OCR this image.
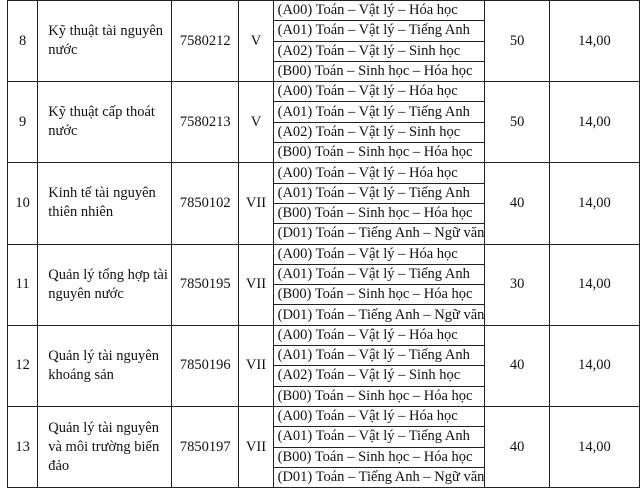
8	Kỹ thuật tài nguyên nước	7580212	V	(A00) Toán – Vật lý – Hóa học	50	14,00
				(A01) Toán – Vật lý – Tiếng Anh		
				(A02) Toán – Vật lý – Sinh học		
				(B00) Toán – Sinh học – Hóa học		
9	Kỹ thuật cấp thoát nước	7580213	V	(A00) Toán – Vật lý – Hóa học	50	14,00
				(A01) Toán – Vật lý – Tiếng Anh		
				(A02) Toán – Vật lý – Sinh học		
				(B00) Toán – Sinh học – Hóa học		
10	Kinh tế tài nguyên thiên nhiên	7850102	VII	(A00) Toán – Vật lý – Hóa học	40	14,00
				(A01) Toán – Vật lý – Tiếng Anh		
				(B00) Toán – Sinh học – Hóa học		
				(D01) Toán – Tiếng Anh – Ngữ văn		
11	Quản lý tổng hợp tài nguyên nước	7850195	VII	(A00) Toán – Vật lý – Hóa học	30	14,00
				(A01) Toán – Vật lý – Tiếng Anh		
				(B00) Toán – Sinh học – Hóa học		
				(D01) Toán – Tiếng Anh – Ngữ văn		
12	Quản lý tài nguyên khoáng sản	7850196	VII	(A00) Toán – Vật lý – Hóa học	40	14,00
				(A01) Toán – Vật lý – Tiếng Anh		
				(A02) Toán – Vật lý – Sinh học		
				(B00) Toán – Sinh học – Hóa học		
13	Quản lý tài nguyên và môi trường biển đảo	7850197	VII	(A00) Toán – Vật lý – Hóa học	40	14,00
				(A01) Toán – Vật lý – Tiếng Anh		
				(B00) Toán – Sinh học – Hóa học		
				(D01) Toán – Tiếng Anh – Ngữ văn		
